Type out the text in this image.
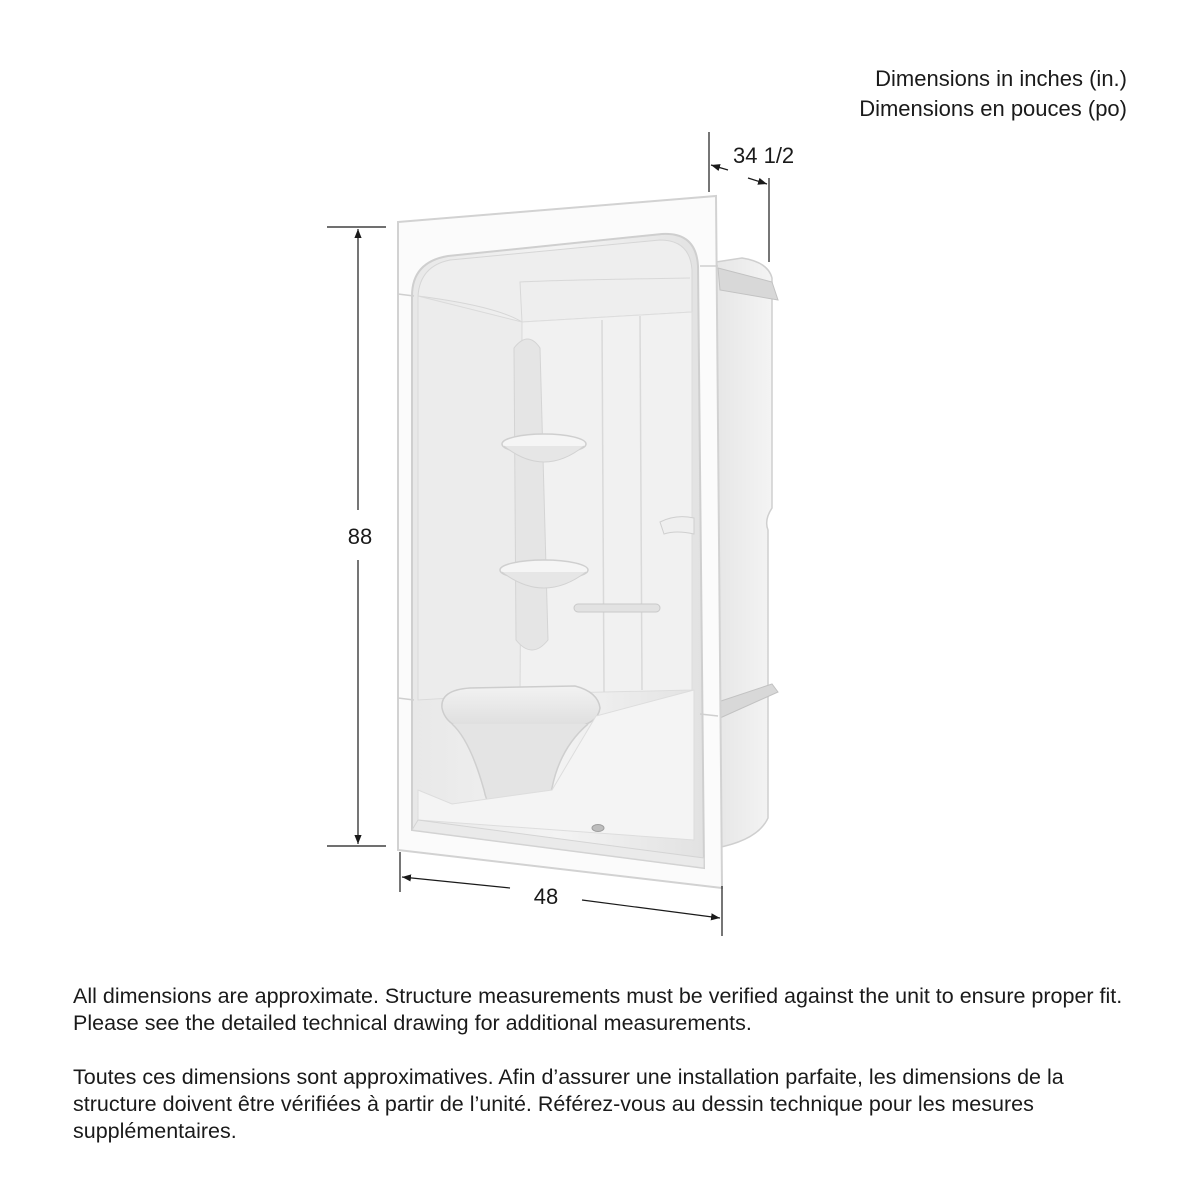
Dimensions in inches (in.)
Dimensions en pouces (po)
88
48
34 1/2

All dimensions are approximate. Structure measurements must be verified against the unit to ensure proper fit. Please see the detailed technical drawing for additional measurements.

Toutes ces dimensions sont approximatives. Afin d’assurer une installation parfaite, les dimensions de la structure doivent être vérifiées à partir de l’unité. Référez-vous au dessin technique pour les mesures supplémentaires.
